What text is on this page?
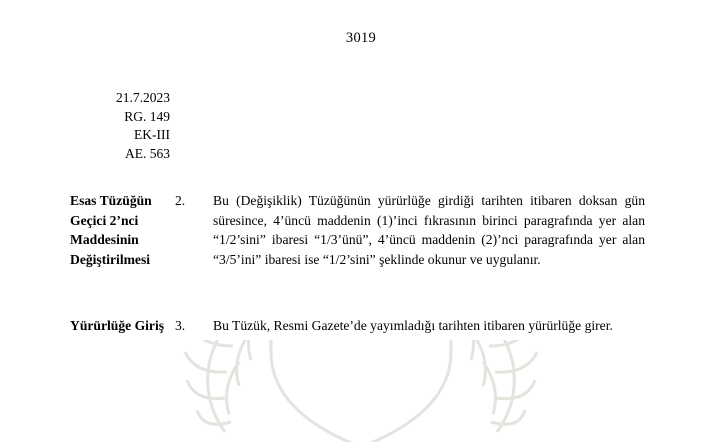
3019
21.7.2023
RG. 149
EK-III
AE. 563
Esas Tüzüğün Geçici 2’nci Maddesinin Değiştirilmesi
2. Bu (Değişiklik) Tüzüğünün yürürlüğe girdiği tarihten itibaren doksan gün süresince, 4’üncü maddenin (1)’inci fıkrasının birinci paragrafında yer alan “1/2’sini” ibaresi “1/3’ünü”, 4’üncü maddenin (2)’nci paragrafında yer alan “3/5’ini” ibaresi ise “1/2’sini” şeklinde okunur ve uygulanır.
Yürürlüğe Giriş 3. Bu Tüzük, Resmi Gazete’de yayımladığı tarihten itibaren yürürlüğe girer.
